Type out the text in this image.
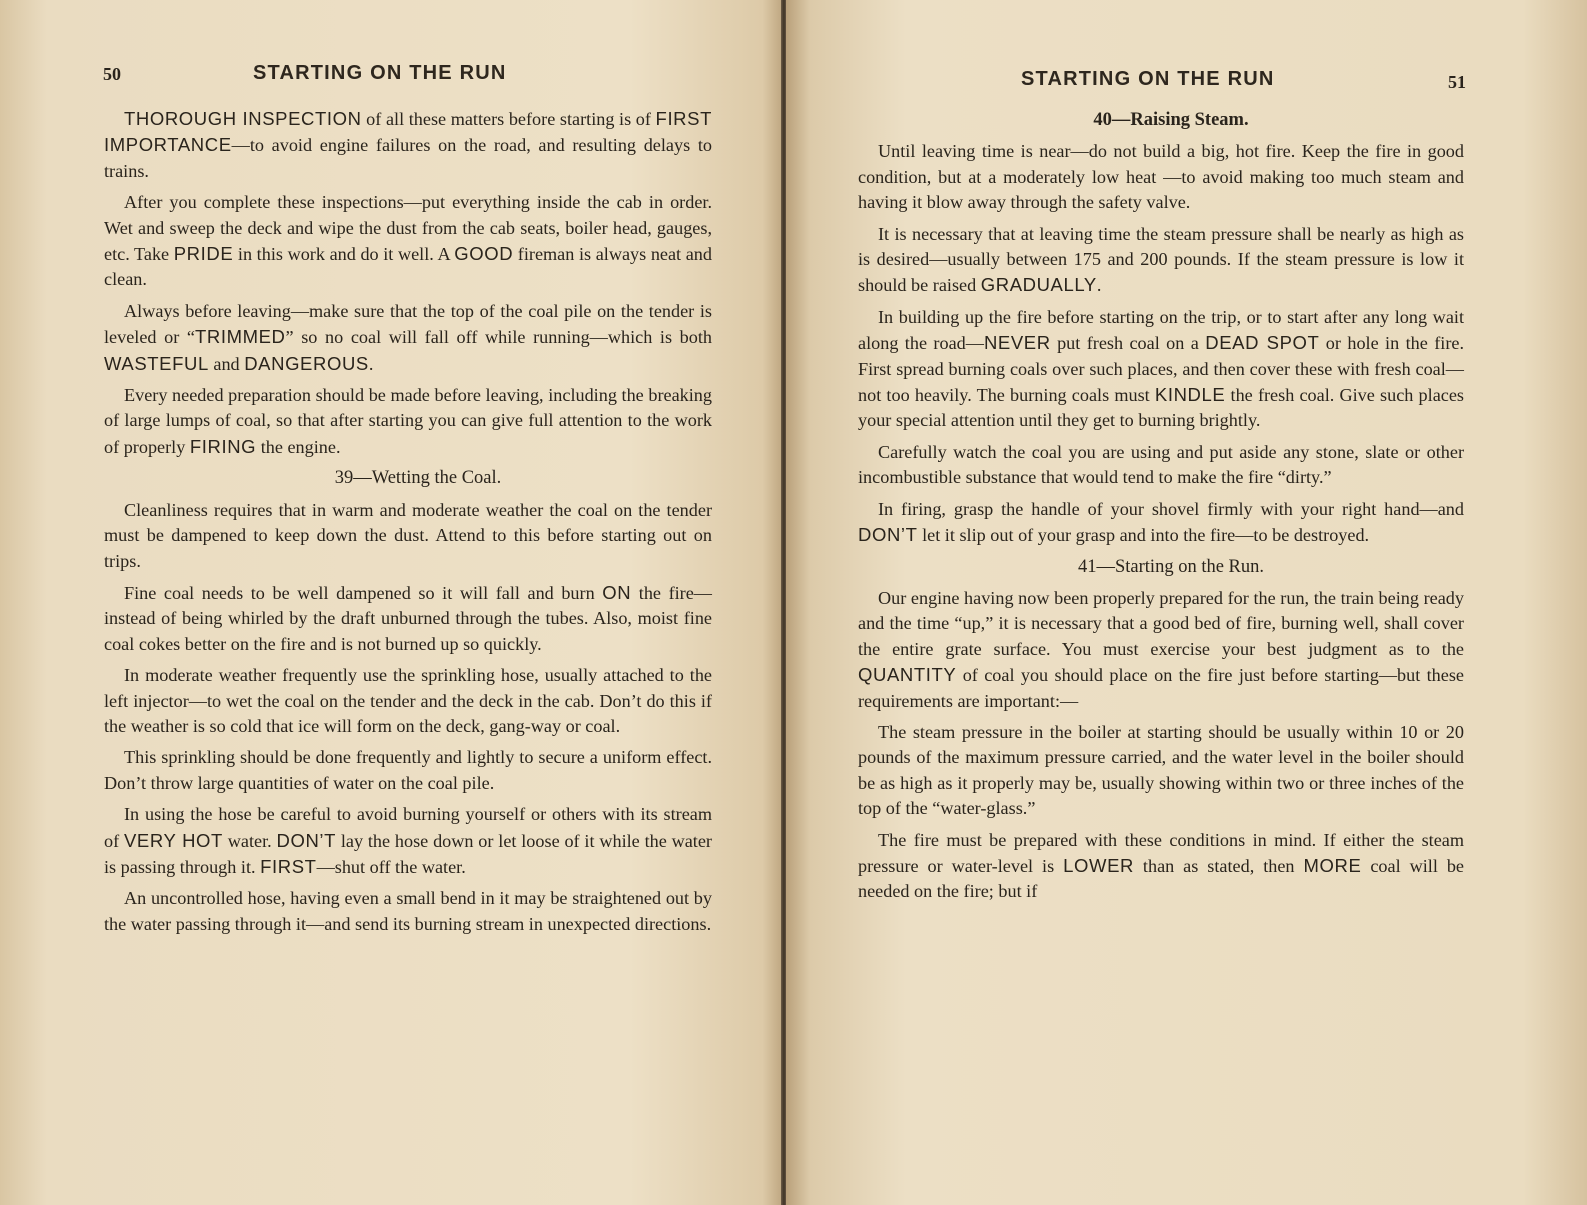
50	STARTING ON THE RUN

THOROUGH INSPECTION of all these matters before starting is of FIRST IMPORTANCE—to avoid engine failures on the road, and resulting delays to trains.

After you complete these inspections—put everything inside the cab in order. Wet and sweep the deck and wipe the dust from the cab seats, boiler head, gauges, etc. Take PRIDE in this work and do it well. A GOOD fireman is always neat and clean.

Always before leaving—make sure that the top of the coal pile on the tender is leveled or “TRIMMED” so no coal will fall off while running—which is both WASTEFUL and DANGEROUS.

Every needed preparation should be made before leaving, including the breaking of large lumps of coal, so that after starting you can give full attention to the work of properly FIRING the engine.

39—Wetting the Coal.

Cleanliness requires that in warm and moderate weather the coal on the tender must be dampened to keep down the dust. Attend to this before starting out on trips.

Fine coal needs to be well dampened so it will fall and burn ON the fire—instead of being whirled by the draft unburned through the tubes. Also, moist fine coal cokes better on the fire and is not burned up so quickly.

In moderate weather frequently use the sprinkling hose, usually attached to the left injector—to wet the coal on the tender and the deck in the cab. Don’t do this if the weather is so cold that ice will form on the deck, gang-way or coal.

This sprinkling should be done frequently and lightly to secure a uniform effect. Don’t throw large quantities of water on the coal pile.

In using the hose be careful to avoid burning yourself or others with its stream of VERY HOT water. DON’T lay the hose down or let loose of it while the water is passing through it. FIRST—shut off the water.

An uncontrolled hose, having even a small bend in it may be straightened out by the water passing through it—and send its burning stream in unexpected directions.

STARTING ON THE RUN	51

40—Raising Steam.

Until leaving time is near—do not build a big, hot fire. Keep the fire in good condition, but at a moderately low heat —to avoid making too much steam and having it blow away through the safety valve.

It is necessary that at leaving time the steam pressure shall be nearly as high as is desired—usually between 175 and 200 pounds. If the steam pressure is low it should be raised GRADUALLY.

In building up the fire before starting on the trip, or to start after any long wait along the road—NEVER put fresh coal on a DEAD SPOT or hole in the fire. First spread burning coals over such places, and then cover these with fresh coal—not too heavily. The burning coals must KINDLE the fresh coal. Give such places your special attention until they get to burning brightly.

Carefully watch the coal you are using and put aside any stone, slate or other incombustible substance that would tend to make the fire “dirty.”

In firing, grasp the handle of your shovel firmly with your right hand—and DON’T let it slip out of your grasp and into the fire—to be destroyed.

41—Starting on the Run.

Our engine having now been properly prepared for the run, the train being ready and the time “up,” it is necessary that a good bed of fire, burning well, shall cover the entire grate surface. You must exercise your best judgment as to the QUANTITY of coal you should place on the fire just before starting—but these requirements are important:—

The steam pressure in the boiler at starting should be usually within 10 or 20 pounds of the maximum pressure carried, and the water level in the boiler should be as high as it properly may be, usually showing within two or three inches of the top of the “water-glass.”

The fire must be prepared with these conditions in mind. If either the steam pressure or water-level is LOWER than as stated, then MORE coal will be needed on the fire; but if
